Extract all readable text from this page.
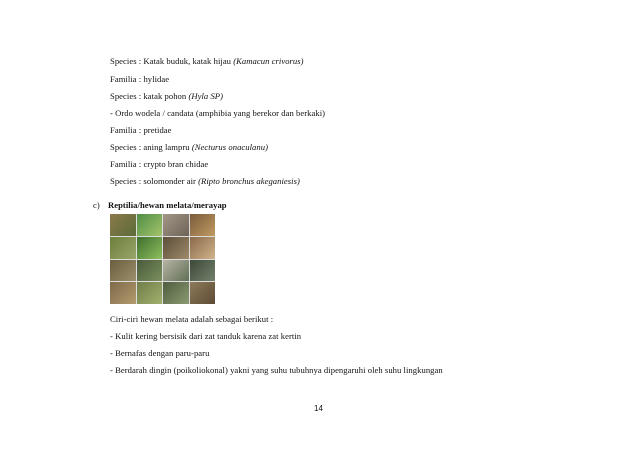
Species : Katak buduk, katak hijau (Kamacun crivorus)
Familia : hylidae
Species : katak pohon (Hyla SP)
- Ordo wodela / candata (amphibia yang berekor dan berkaki)
Familia : pretidae
Species : aning lampru (Necturus onaculanu)
Familia : crypto bran chidae
Species : solomonder air (Ripto bronchus akeganiesis)
c) Reptilia/hewan melata/merayap
Ciri-ciri hewan melata adalah sebagai berikut :
- Kulit kering bersisik dari zat tanduk karena zat kertin
- Bernafas dengan paru-paru
- Berdarah dingin (poikoliokonal) yakni yang suhu tubuhnya dipengaruhi oleh suhu lingkungan
14
